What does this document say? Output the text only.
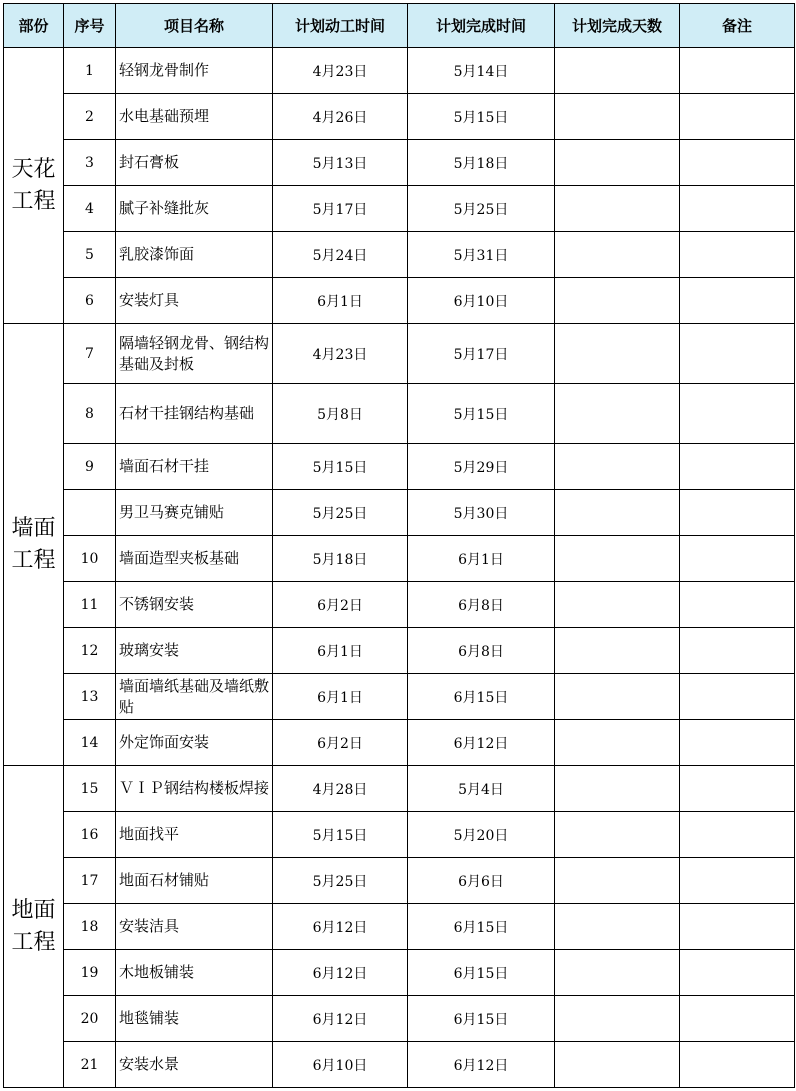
部份	序号	项目名称	计划动工时间	计划完成时间	计划完成天数	备注
天花工程	1	轻钢龙骨制作	4月23日	5月14日		
	2	水电基础预埋	4月26日	5月15日		
	3	封石膏板	5月13日	5月18日		
	4	腻子补缝批灰	5月17日	5月25日		
	5	乳胶漆饰面	5月24日	5月31日		
	6	安装灯具	6月1日	6月10日		
墙面工程	7	隔墙轻钢龙骨、钢结构基础及封板	4月23日	5月17日		
	8	石材干挂钢结构基础	5月8日	5月15日		
	9	墙面石材干挂	5月15日	5月29日		
		男卫马赛克铺贴	5月25日	5月30日		
	10	墙面造型夹板基础	5月18日	6月1日		
	11	不锈钢安装	6月2日	6月8日		
	12	玻璃安装	6月1日	6月8日		
	13	墙面墙纸基础及墙纸敷贴	6月1日	6月15日		
	14	外定饰面安装	6月2日	6月12日		
地面工程	15	ＶＩＰ钢结构楼板焊接	4月28日	5月4日		
	16	地面找平	5月15日	5月20日		
	17	地面石材铺贴	5月25日	6月6日		
	18	安装洁具	6月12日	6月15日		
	19	木地板铺装	6月12日	6月15日		
	20	地毯铺装	6月12日	6月15日		
	21	安装水景	6月10日	6月12日		
